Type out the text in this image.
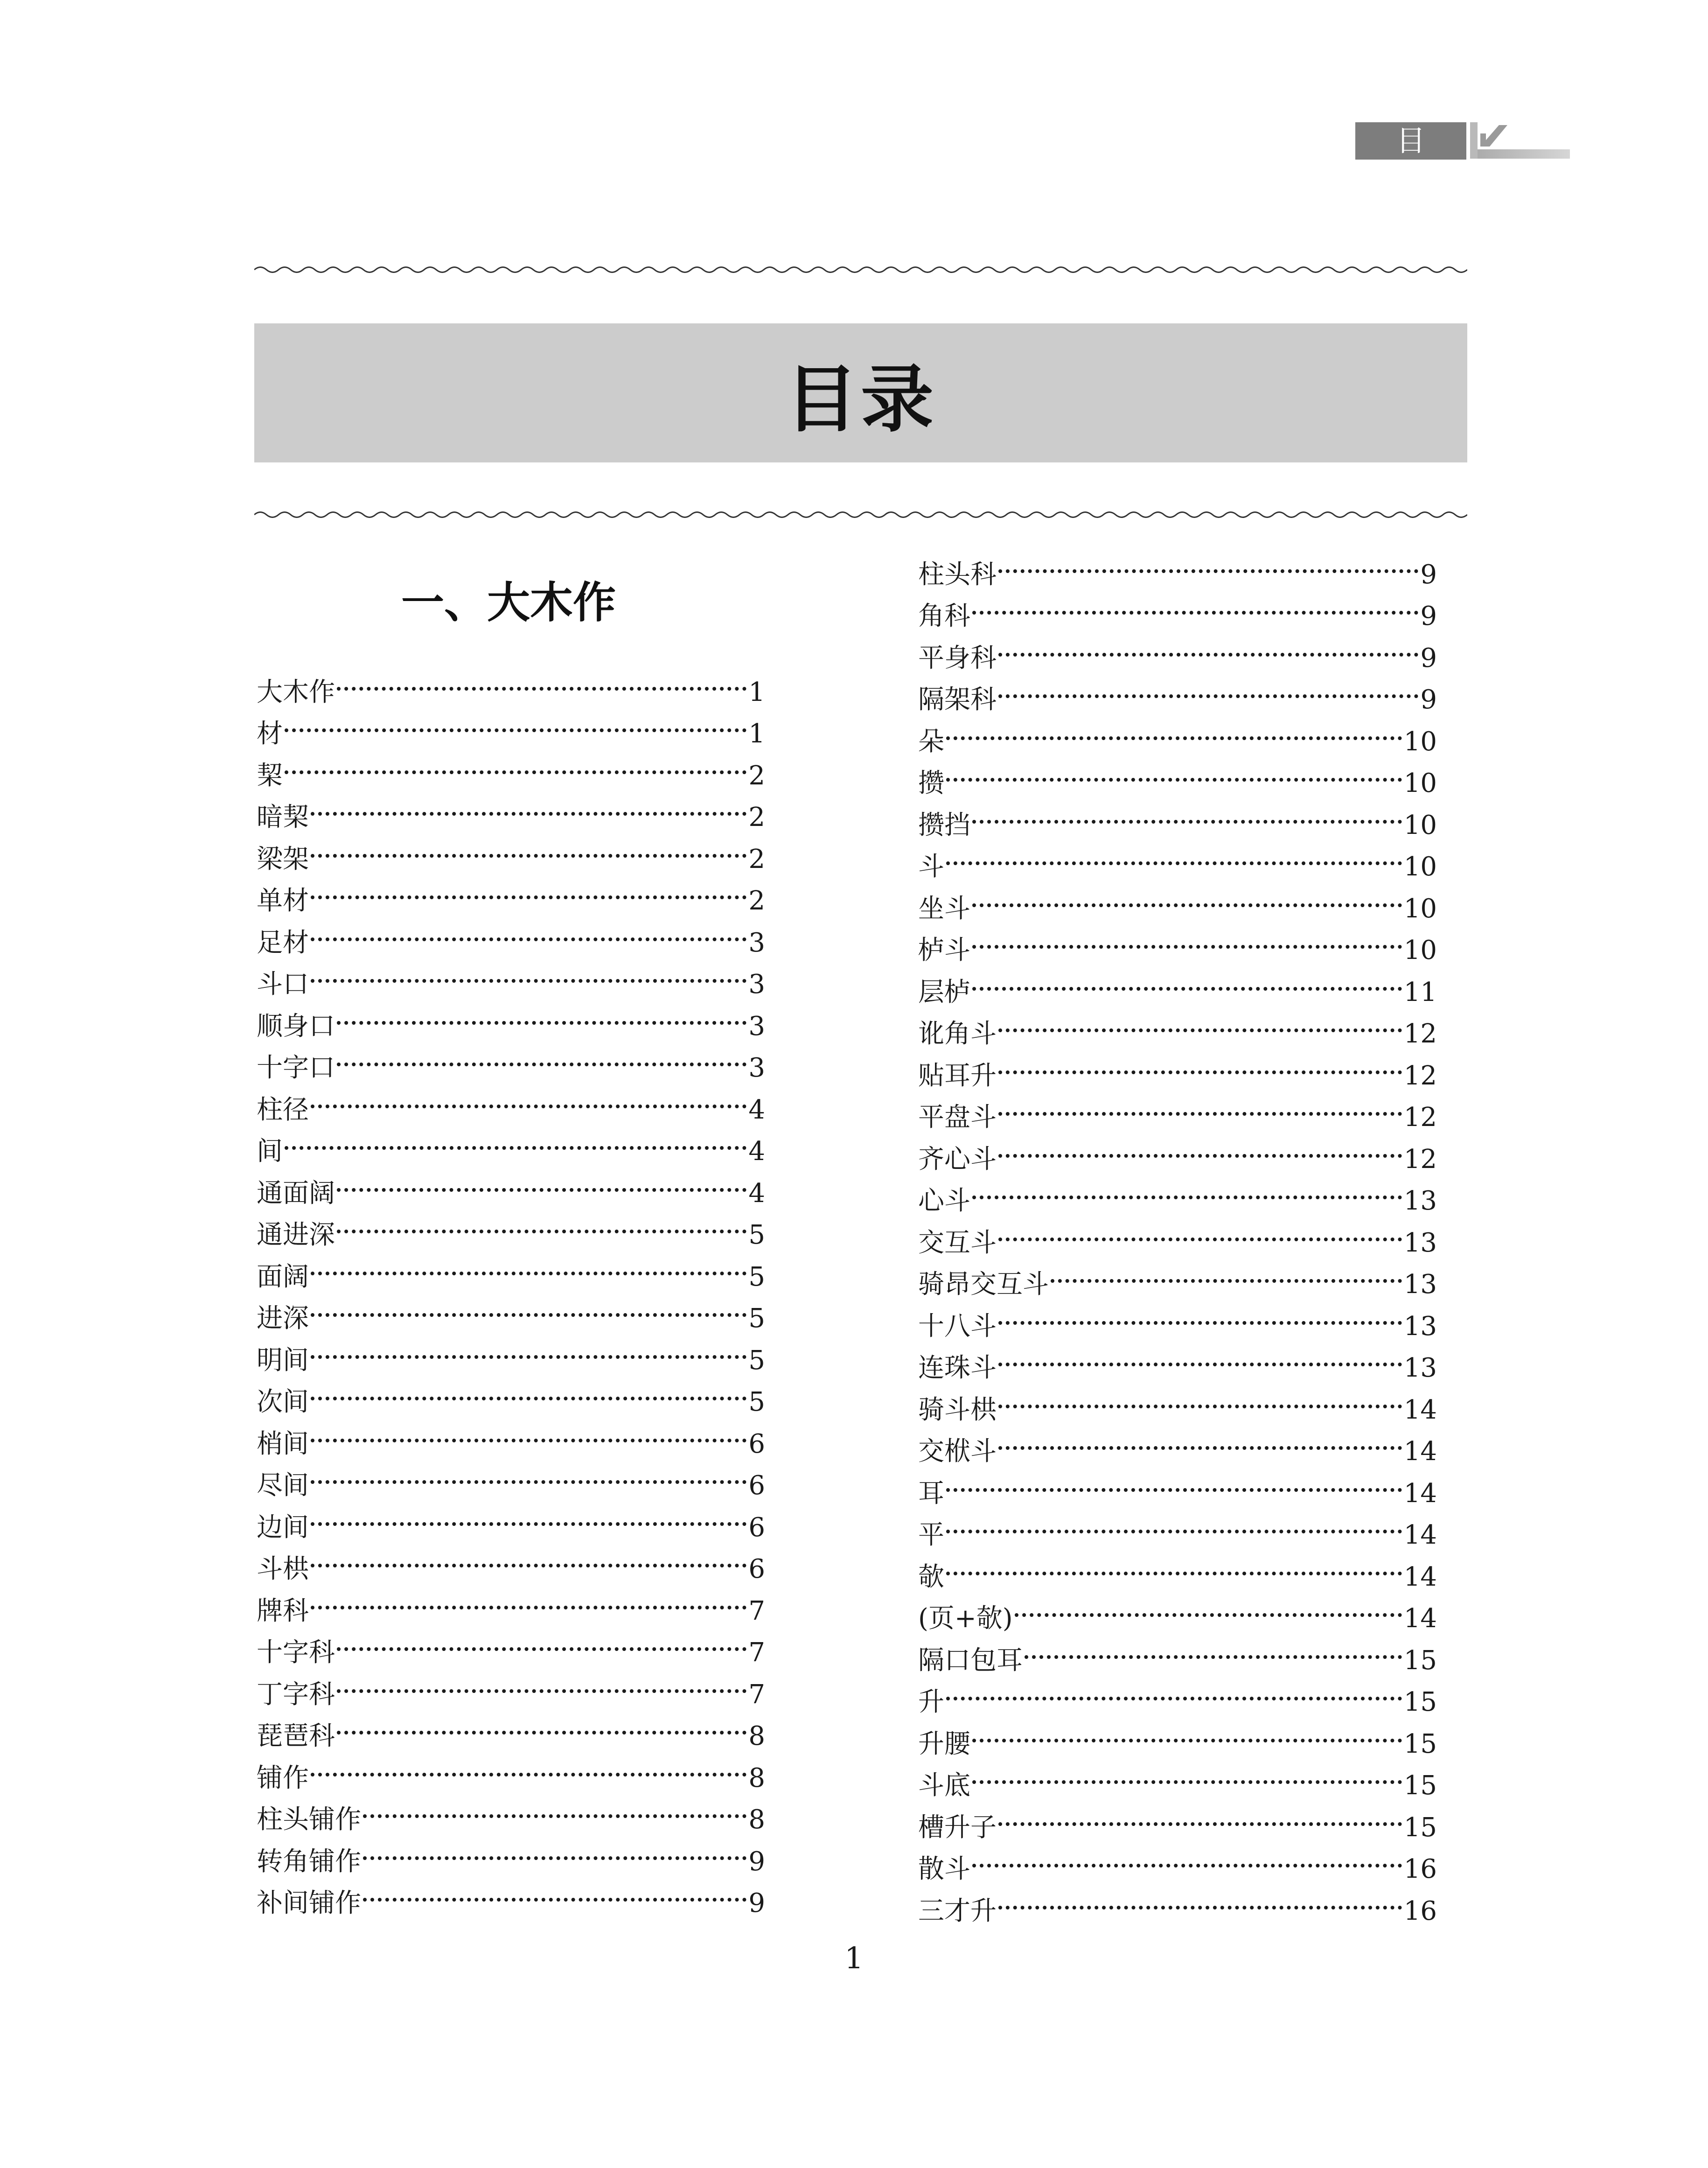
目 录
目录
一、大木作
大木作	1
材	1
栔	2
暗栔	2
梁架	2
单材	2
足材	3
斗口	3
顺身口	3
十字口	3
柱径	4
间	4
通面阔	4
通进深	5
面阔	5
进深	5
明间	5
次间	5
梢间	6
尽间	6
边间	6
斗栱	6
牌科	7
十字科	7
丁字科	7
琵琶科	8
铺作	8
柱头铺作	8
转角铺作	9
补间铺作	9
柱头科	9
角科	9
平身科	9
隔架科	9
朵	10
攒	10
攒挡	10
斗	10
坐斗	10
栌斗	10
层栌	11
讹角斗	12
贴耳升	12
平盘斗	12
齐心斗	12
心斗	13
交互斗	13
骑昂交互斗	13
十八斗	13
连珠斗	13
骑斗栱	14
交栿斗	14
耳	14
平	14
欹	14
(页+欹)	14
隔口包耳	15
升	15
升腰	15
斗底	15
槽升子	15
散斗	16
三才升	16
1
